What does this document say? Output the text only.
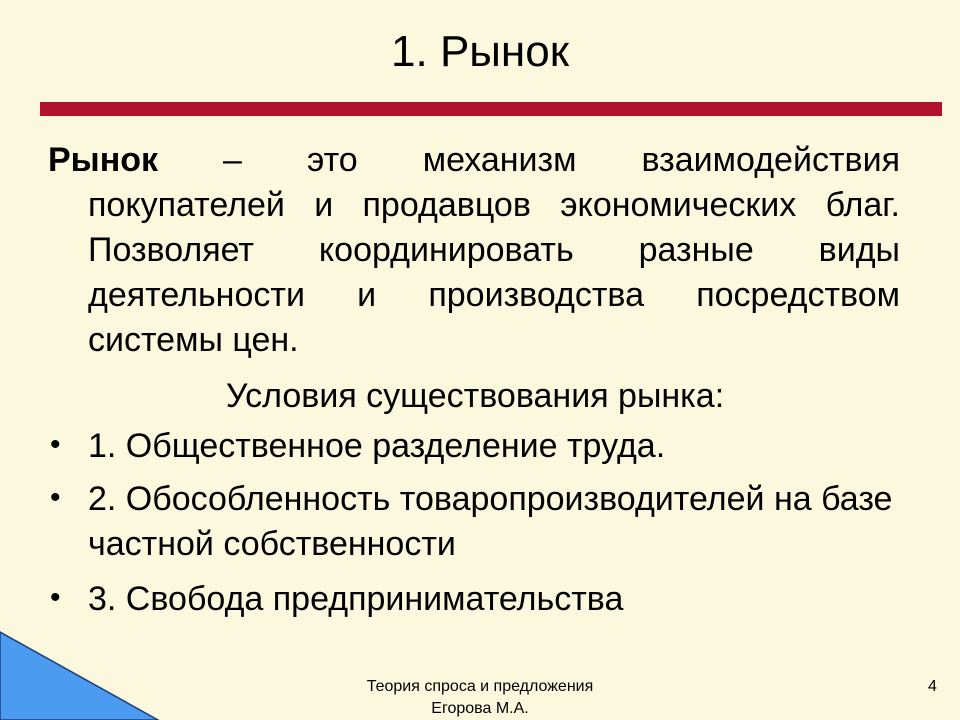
1. Рынок

Рынок – это механизм взаимодействия

покупателей и продавцов экономических благ.
Позволяет координировать разные виды
деятельности и производства посредством
системы цен.
Условия существования рынка:
• 1. Общественное разделение труда.
• 2. Обособленность товаропроизводителей на базе частной собственности
• 3. Свобода предпринимательства
Теория спроса и предложения
Егорова М.А.
4
